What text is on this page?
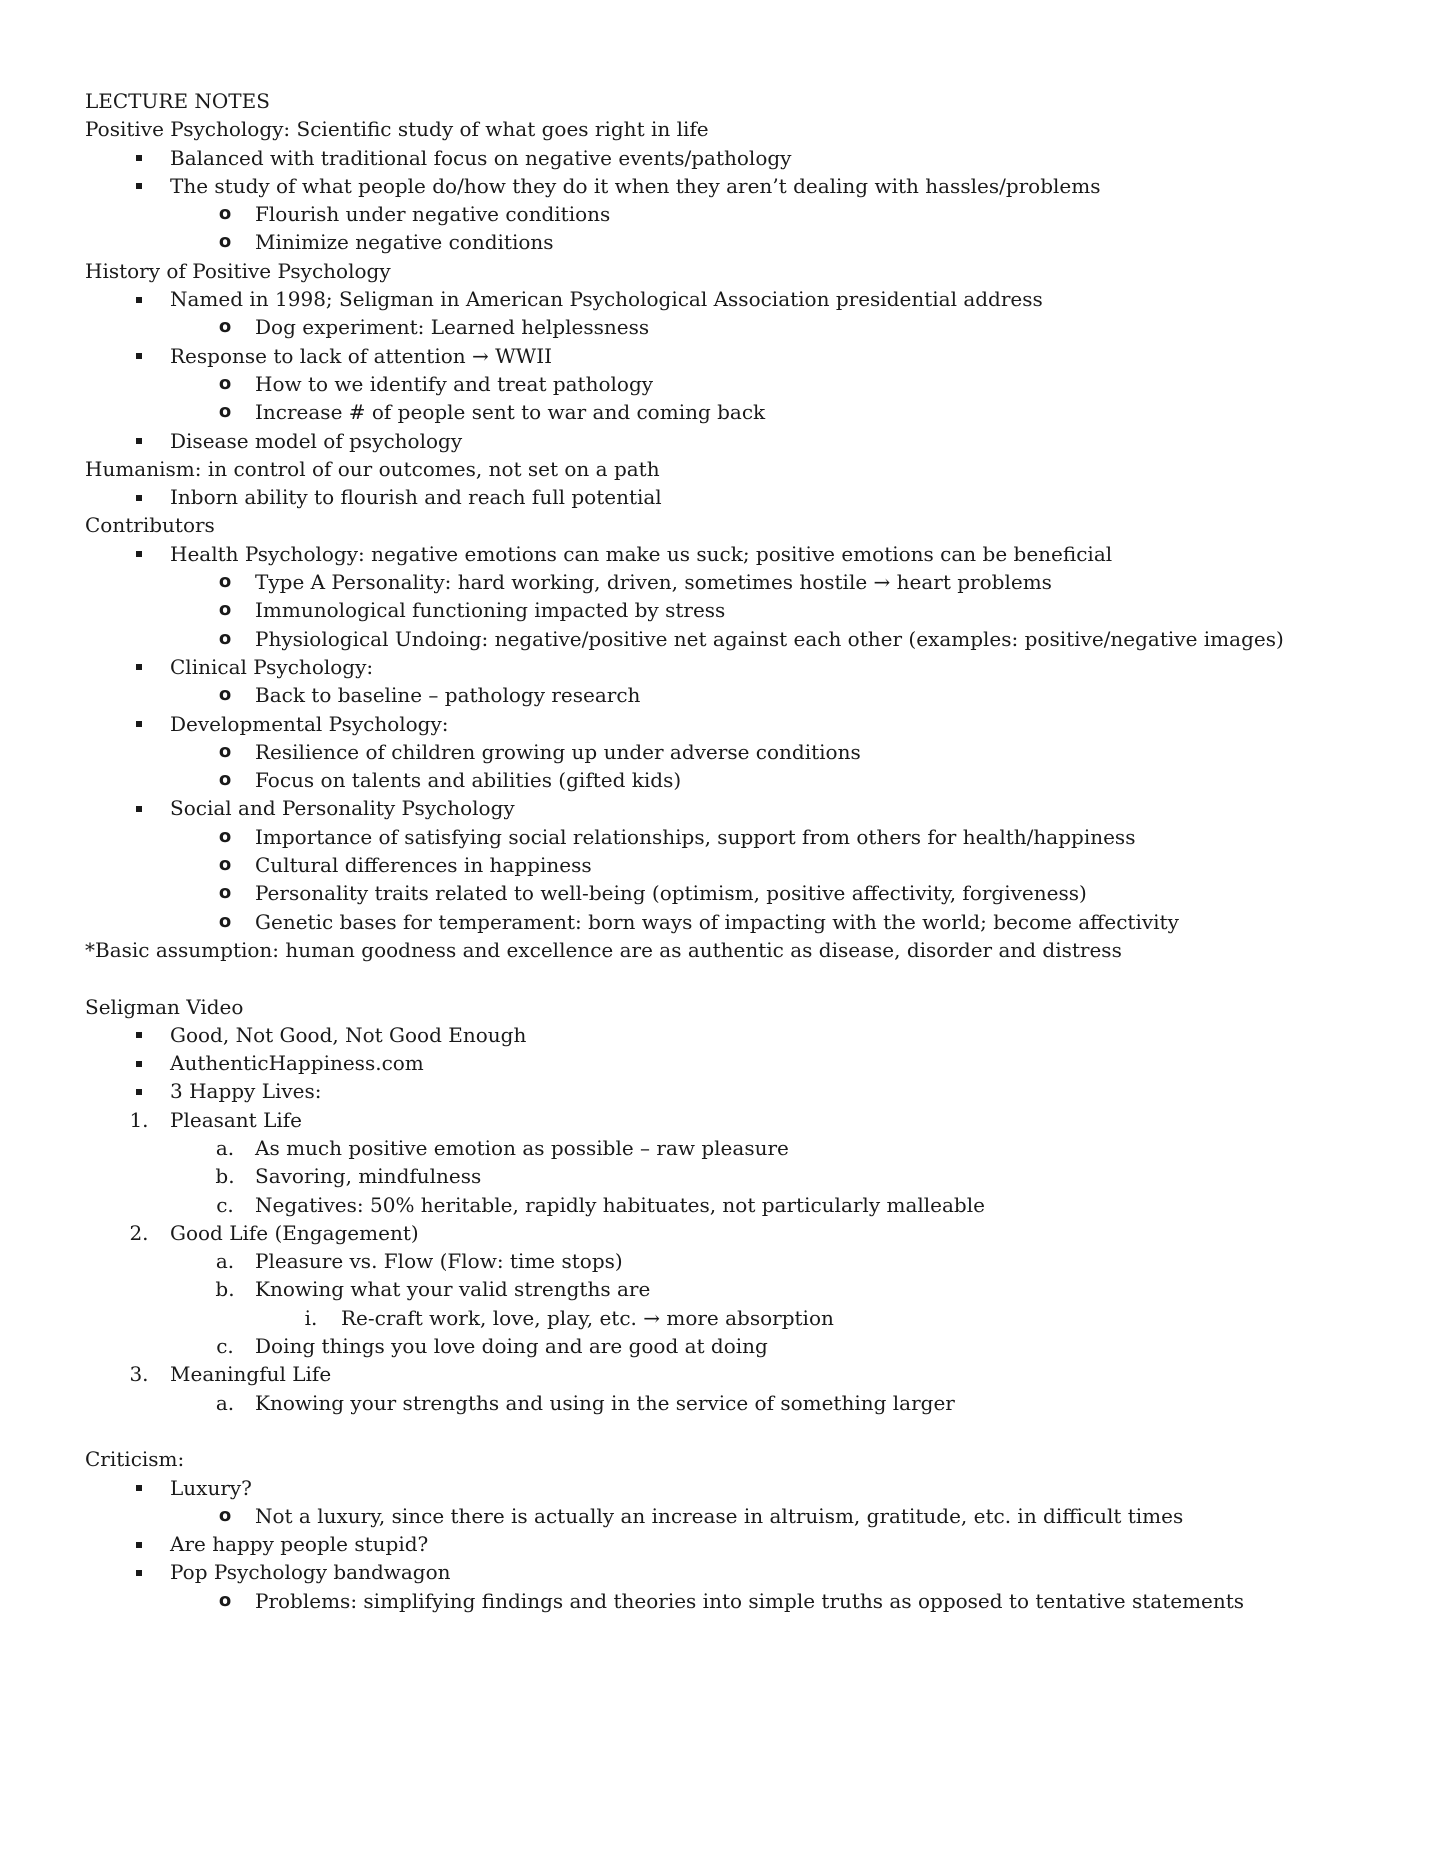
LECTURE NOTES
Positive Psychology: Scientific study of what goes right in life
Balanced with traditional focus on negative events/pathology
The study of what people do/how they do it when they aren’t dealing with hassles/problems
o Flourish under negative conditions
o Minimize negative conditions
History of Positive Psychology
Named in 1998; Seligman in American Psychological Association presidential address
o Dog experiment: Learned helplessness
Response to lack of attention → WWII
o How to we identify and treat pathology
o Increase # of people sent to war and coming back
Disease model of psychology
Humanism: in control of our outcomes, not set on a path
Inborn ability to flourish and reach full potential
Contributors
Health Psychology: negative emotions can make us suck; positive emotions can be beneficial
o Type A Personality: hard working, driven, sometimes hostile → heart problems
o Immunological functioning impacted by stress
o Physiological Undoing: negative/positive net against each other (examples: positive/negative images)
Clinical Psychology:
o Back to baseline – pathology research
Developmental Psychology:
o Resilience of children growing up under adverse conditions
o Focus on talents and abilities (gifted kids)
Social and Personality Psychology
o Importance of satisfying social relationships, support from others for health/happiness
o Cultural differences in happiness
o Personality traits related to well-being (optimism, positive affectivity, forgiveness)
o Genetic bases for temperament: born ways of impacting with the world; become affectivity
*Basic assumption: human goodness and excellence are as authentic as disease, disorder and distress
Seligman Video
Good, Not Good, Not Good Enough
AuthenticHappiness.com
3 Happy Lives:
1. Pleasant Life
a. As much positive emotion as possible – raw pleasure
b. Savoring, mindfulness
c. Negatives: 50% heritable, rapidly habituates, not particularly malleable
2. Good Life (Engagement)
a. Pleasure vs. Flow (Flow: time stops)
b. Knowing what your valid strengths are
i. Re-craft work, love, play, etc. → more absorption
c. Doing things you love doing and are good at doing
3. Meaningful Life
a. Knowing your strengths and using in the service of something larger
Criticism:
Luxury?
o Not a luxury, since there is actually an increase in altruism, gratitude, etc. in difficult times
Are happy people stupid?
Pop Psychology bandwagon
o Problems: simplifying findings and theories into simple truths as opposed to tentative statements
